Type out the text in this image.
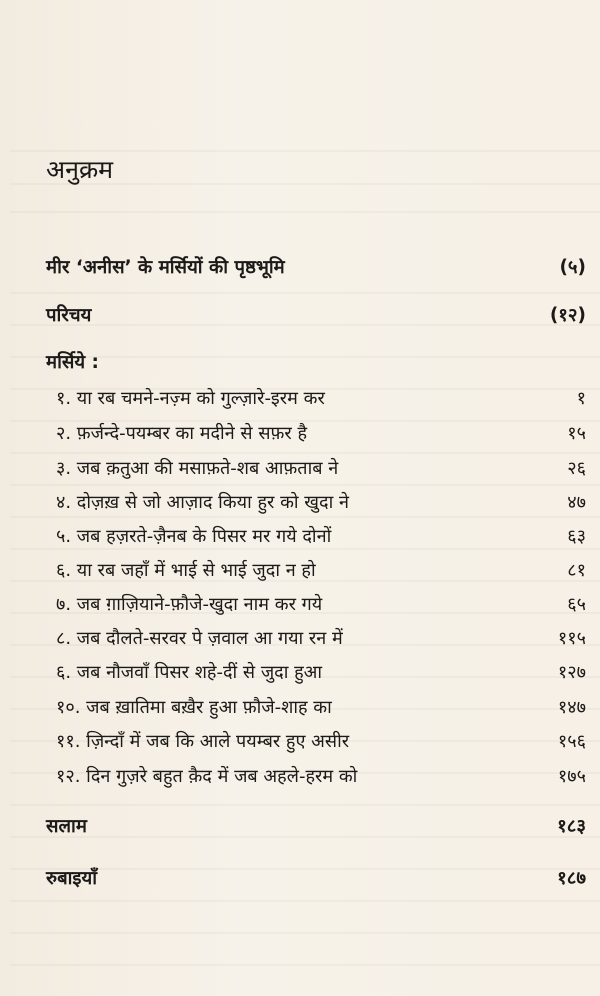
अनुक्रम
मीर ‘अनीस’ के मर्सियों की पृष्ठभूमि	(५)
परिचय	(१२)
मर्सिये :
१. या रब चमने-नज़्म को गुल्ज़ारे-इरम कर	१
२. फ़र्जन्दे-पयम्बर का मदीने से सफ़र है	१५
३. जब क़तुआ की मसाफ़ते-शब आफ़ताब ने	२६
४. दोज़ख़ से जो आज़ाद किया हुर को खुदा ने	४७
५. जब हज़रते-ज़ैनब के पिसर मर गये दोनों	६३
६. या रब जहाँ में भाई से भाई जुदा न हो	८१
७. जब ग़ाज़ियाने-फ़ौजे-खुदा नाम कर गये	६५
८. जब दौलते-सरवर पे ज़वाल आ गया रन में	११५
६. जब नौजवाँ पिसर शहे-दीं से जुदा हुआ	१२७
१०. जब ख़ातिमा बख़ैर हुआ फ़ौजे-शाह का	१४७
११. ज़िन्दाँ में जब कि आले पयम्बर हुए असीर	१५६
१२. दिन गुज़रे बहुत क़ैद में जब अहले-हरम को	१७५
सलाम	१८३
रुबाइयाँ	१८७
